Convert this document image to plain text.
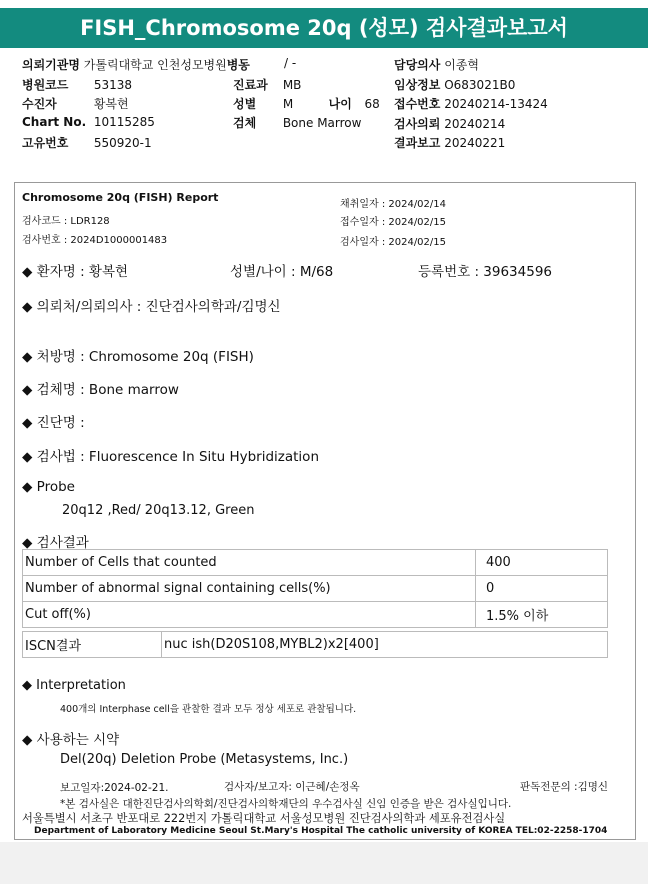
FISH_Chromosome 20q (성모) 검사결과보고서
의뢰기관명 가톨릭대학교 인천성모병원병동	/ -	담당의사 이종혁
병원코드 53138	진료과 MB	임상정보 O683021B0
수진자	황복현	성별 M	나이 68 접수번호 20240214-13424
Chart No. 10115285	검체 Bone Marrow	검사의뢰 20240214
고유번호 550920-1	결과보고 20240221
Chromosome 20q (FISH) Report
검사코드 : LDR128
검사번호 : 2024D1000001483
채취일자 : 2024/02/14
접수일자 : 2024/02/15
검사일자 : 2024/02/15
◆ 환자명 : 황복현	성별/나이 : M/68	등록번호 : 39634596
◆ 의뢰처/의뢰의사 : 진단검사의학과/김명신
◆ 처방명 : Chromosome 20q (FISH)
◆ 검체명 : Bone marrow
◆ 진단명 :
◆ 검사법 : Fluorescence In Situ Hybridization
◆ Probe
20q12 ,Red/ 20q13.12, Green
◆ 검사결과
Number of Cells that counted	400
Number of abnormal signal containing cells(%)	0
Cut off(%)	1.5% 이하
ISCN결과	nuc ish(D20S108,MYBL2)x2[400]
◆ Interpretation
400개의 Interphase cell을 관찰한 결과 모두 정상 세포로 관찰됩니다.
◆ 사용하는 시약
Del(20q) Deletion Probe (Metasystems, Inc.)
보고일자:2024-02-21.	검사자/보고자: 이근혜/손정옥	판독전문의 :김명신
*본 검사실은 대한진단검사의학회/진단검사의학재단의 우수검사실 신임 인증을 받은 검사실입니다.
서울특별시 서초구 반포대로 222번지 가톨릭대학교 서울성모병원 진단검사의학과 세포유전검사실
Department of Laboratory Medicine Seoul St.Mary's Hospital The catholic university of KOREA TEL:02-2258-1704
